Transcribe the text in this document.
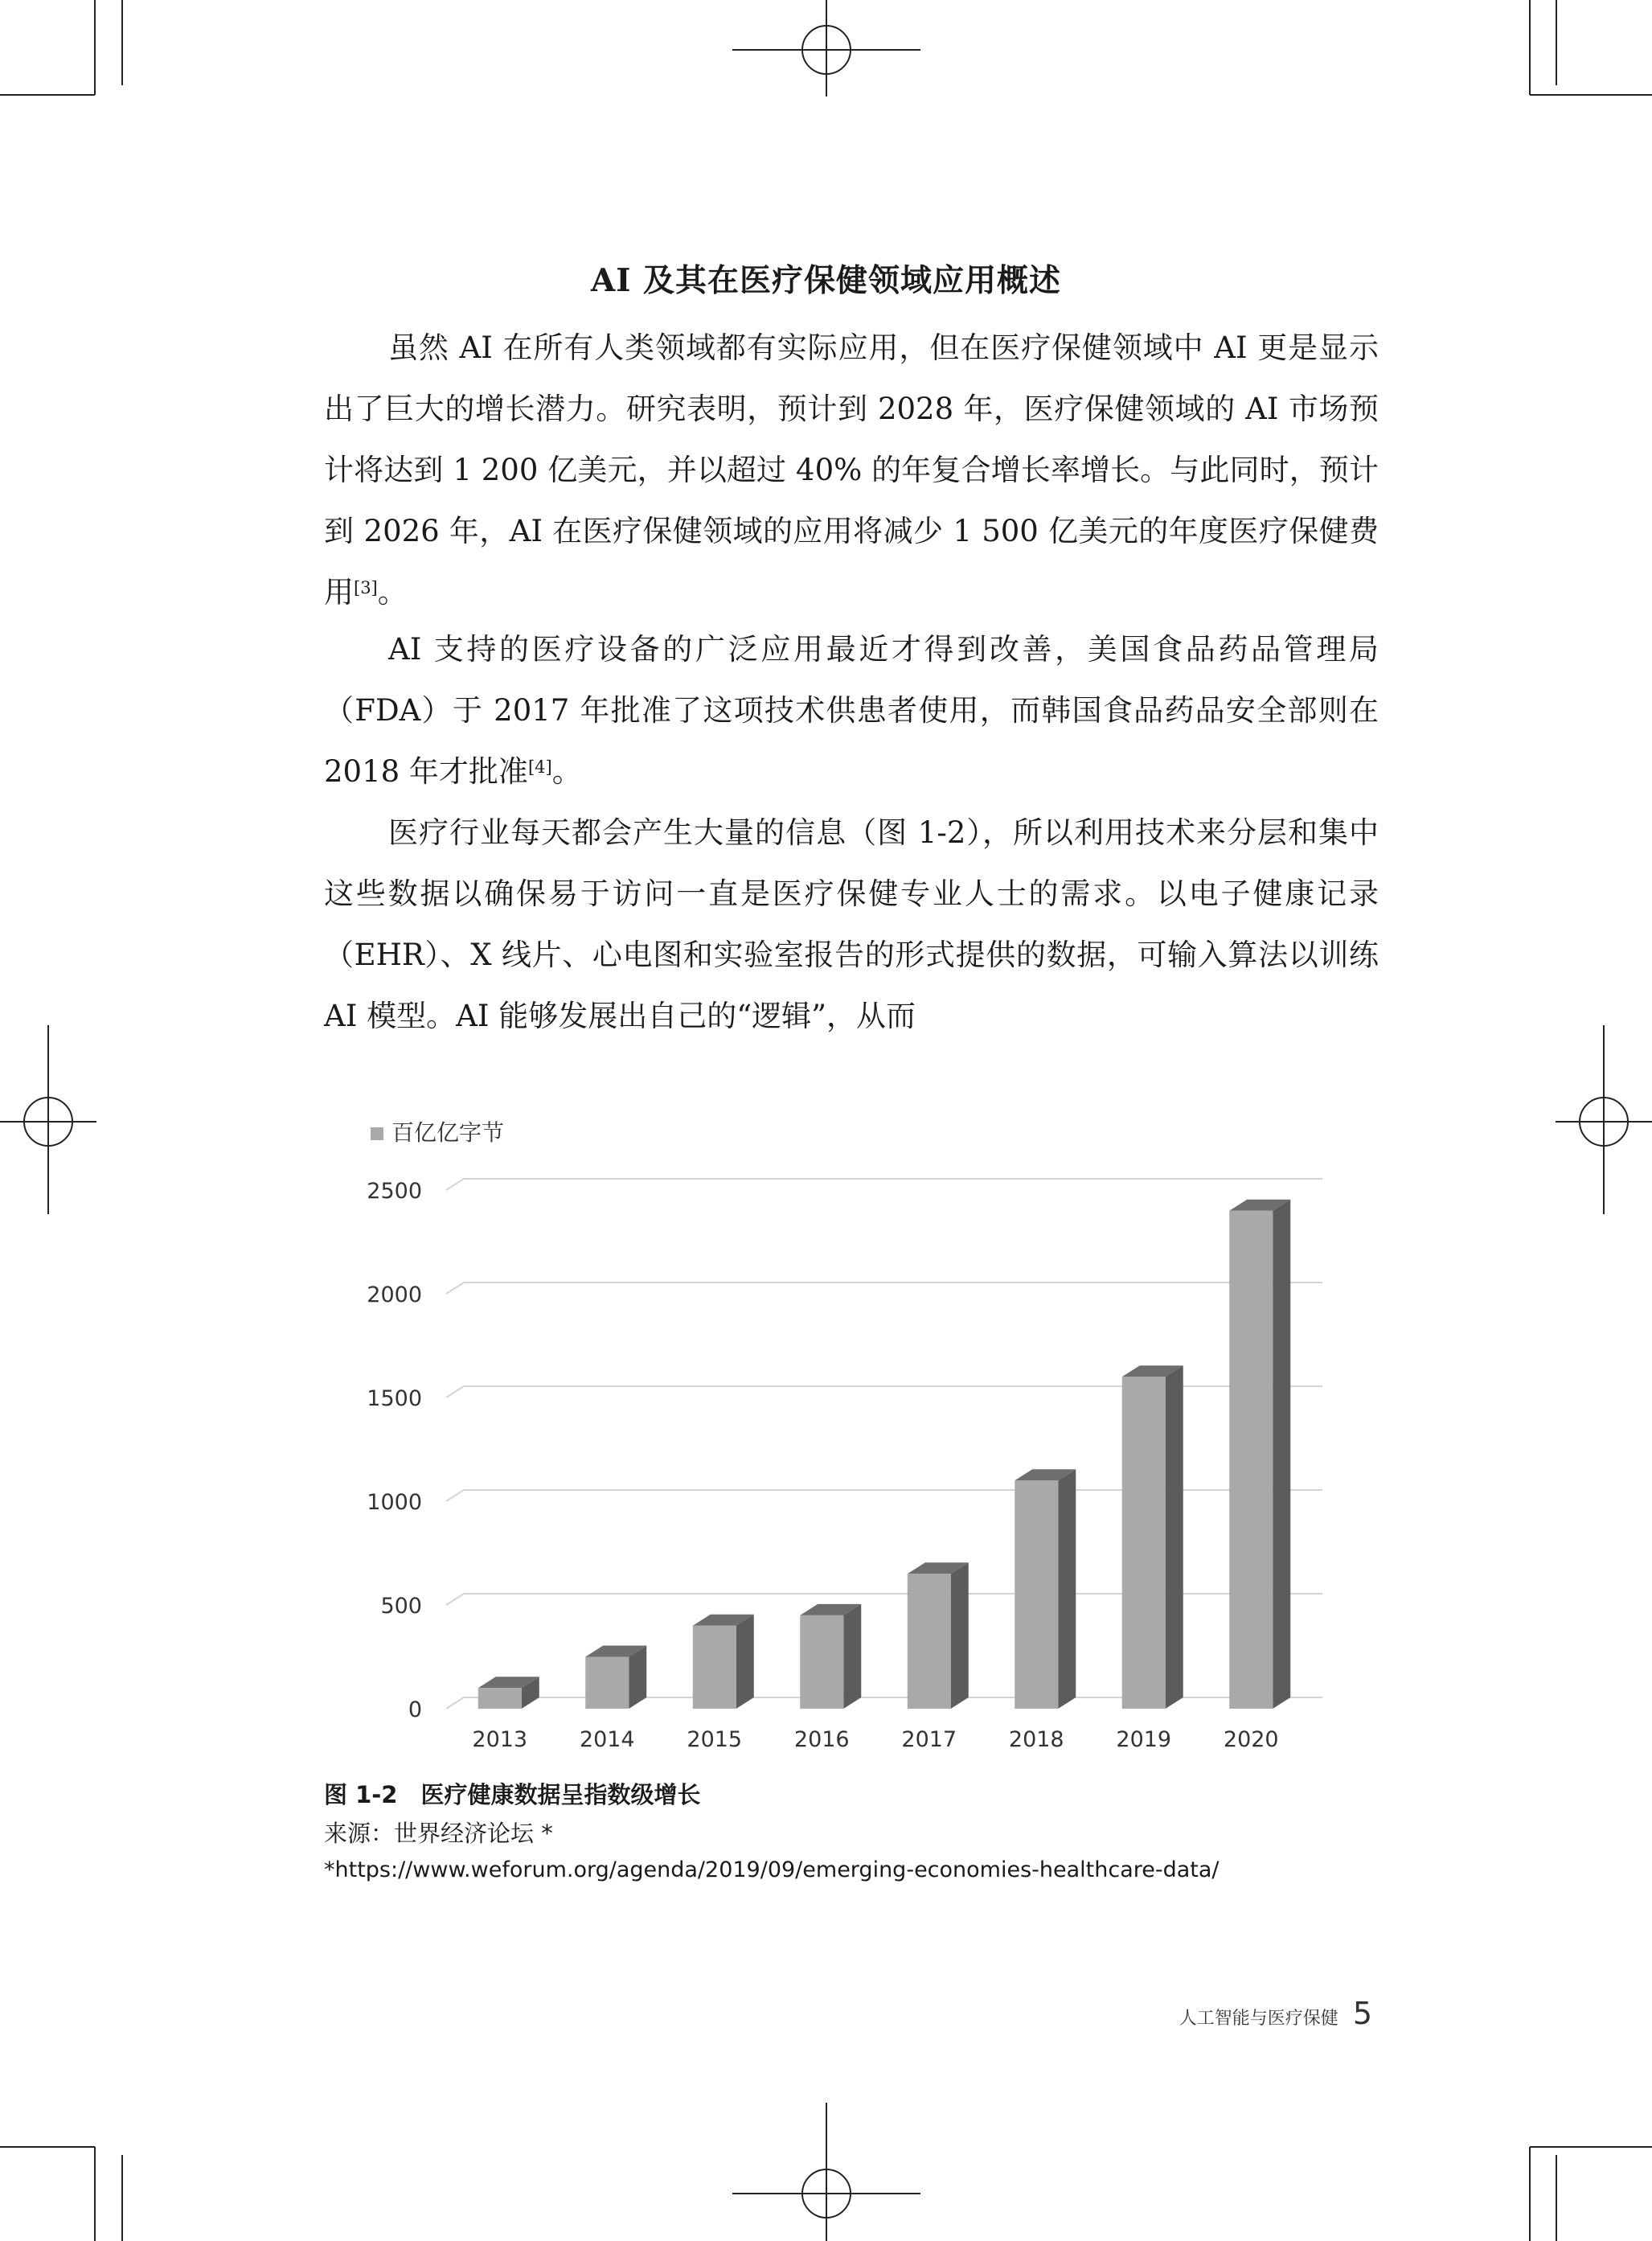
AI 及其在医疗保健领域应用概述

虽然 AI 在所有人类领域都有实际应用，但在医疗保健领域中 AI 更是显示出了巨大的增长潜力。研究表明，预计到 2028 年，医疗保健领域的 AI 市场预计将达到 1 200 亿美元，并以超过 40% 的年复合增长率增长。与此同时，预计到 2026 年，AI 在医疗保健领域的应用将减少 1 500 亿美元的年度医疗保健费用[3]。

AI 支持的医疗设备的广泛应用最近才得到改善，美国食品药品管理局（FDA）于 2017 年批准了这项技术供患者使用，而韩国食品药品安全部则在 2018 年才批准[4]。

医疗行业每天都会产生大量的信息（图 1-2），所以利用技术来分层和集中这些数据以确保易于访问一直是医疗保健专业人士的需求。以电子健康记录（EHR）、X 线片、心电图和实验室报告的形式提供的数据，可输入算法以训练 AI 模型。AI 能够发展出自己的“逻辑”，从而

百亿亿字节
0
500
1000
1500
2000
2500
2013 2014 2015 2016 2017 2018 2019 2020
图 1-2　医疗健康数据呈指数级增长
来源：世界经济论坛 *
*https://www.weforum.org/agenda/2019/09/emerging-economies-healthcare-data/
人工智能与医疗保健 5
